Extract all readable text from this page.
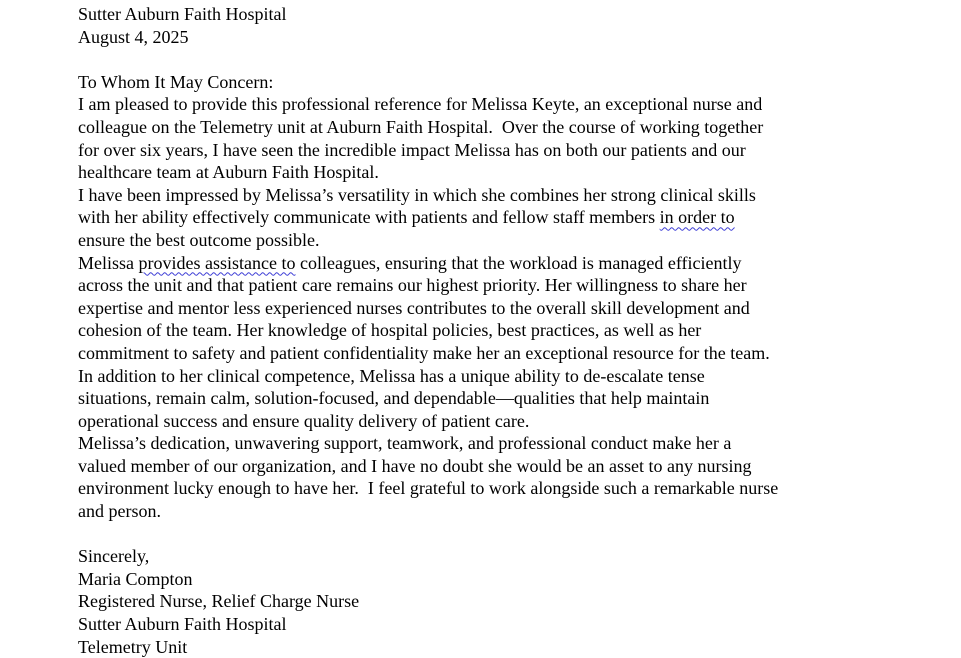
Sutter Auburn Faith Hospital
August 4, 2025
To Whom It May Concern:
I am pleased to provide this professional reference for Melissa Keyte, an exceptional nurse and
colleague on the Telemetry unit at Auburn Faith Hospital.  Over the course of working together
for over six years, I have seen the incredible impact Melissa has on both our patients and our
healthcare team at Auburn Faith Hospital.
I have been impressed by Melissa’s versatility in which she combines her strong clinical skills
with her ability effectively communicate with patients and fellow staff members in order to
ensure the best outcome possible.
Melissa provides assistance to colleagues, ensuring that the workload is managed efficiently
across the unit and that patient care remains our highest priority. Her willingness to share her
expertise and mentor less experienced nurses contributes to the overall skill development and
cohesion of the team. Her knowledge of hospital policies, best practices, as well as her
commitment to safety and patient confidentiality make her an exceptional resource for the team.
In addition to her clinical competence, Melissa has a unique ability to de-escalate tense
situations, remain calm, solution-focused, and dependable—qualities that help maintain
operational success and ensure quality delivery of patient care.
Melissa’s dedication, unwavering support, teamwork, and professional conduct make her a
valued member of our organization, and I have no doubt she would be an asset to any nursing
environment lucky enough to have her.  I feel grateful to work alongside such a remarkable nurse
and person.
Sincerely,
Maria Compton
Registered Nurse, Relief Charge Nurse
Sutter Auburn Faith Hospital
Telemetry Unit
